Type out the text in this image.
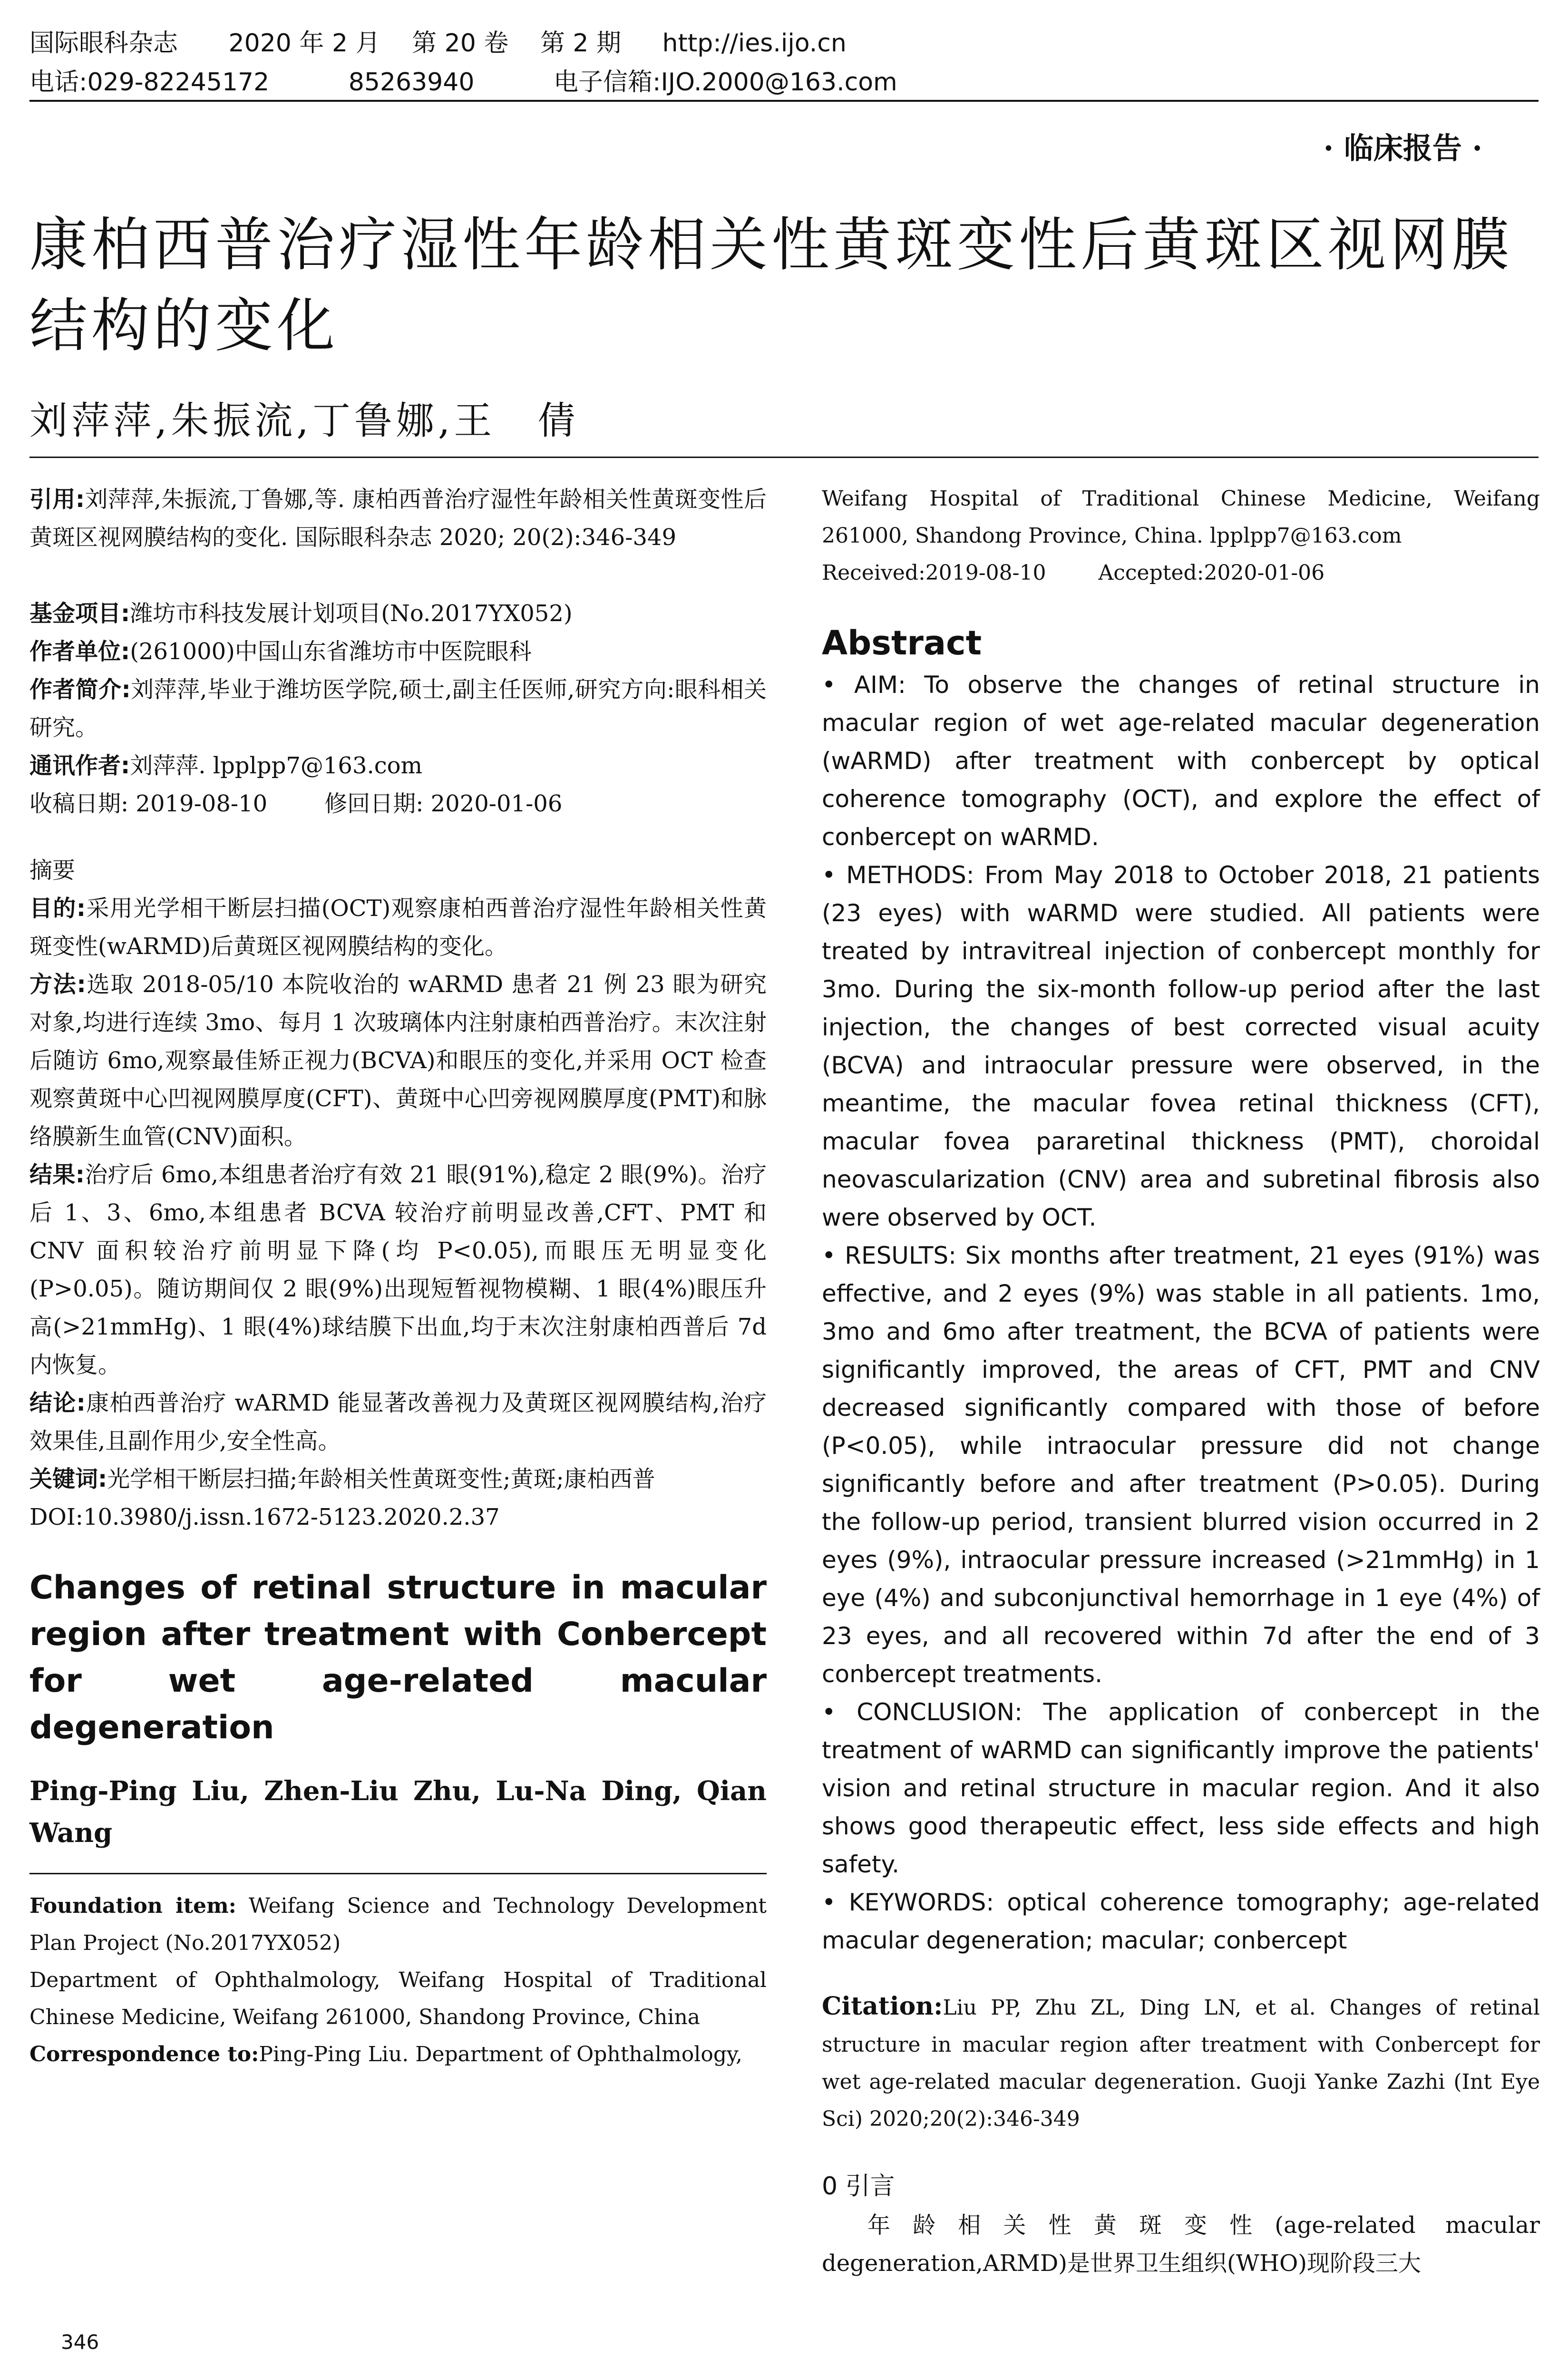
国际眼科杂志 2020 年 2 月 第 20 卷 第 2 期 http://ies.ijo.cn
电话:029-82245172	85263940	电子信箱:IJO.2000@163.com
· 临床报告 ·
康柏西普治疗湿性年龄相关性黄斑变性后黄斑区视网膜结构的变化
刘萍萍,朱振流,丁鲁娜,王　倩

引用:刘萍萍,朱振流,丁鲁娜,等. 康柏西普治疗湿性年龄相关性黄斑变性后黄斑区视网膜结构的变化. 国际眼科杂志 2020; 20(2):346-349

基金项目:潍坊市科技发展计划项目(No.2017YX052)

作者单位:(261000)中国山东省潍坊市中医院眼科

作者简介:刘萍萍,毕业于潍坊医学院,硕士,副主任医师,研究方向:眼科相关研究。

通讯作者:刘萍萍. lpplpp7@163.com

收稿日期: 2019-08-10	修回日期: 2020-01-06

摘要

目的:采用光学相干断层扫描(OCT)观察康柏西普治疗湿性年龄相关性黄斑变性(wARMD)后黄斑区视网膜结构的变化。

方法:选取 2018-05/10 本院收治的 wARMD 患者 21 例 23 眼为研究对象,均进行连续 3mo、每月 1 次玻璃体内注射康柏西普治疗。末次注射后随访 6mo,观察最佳矫正视力(BCVA)和眼压的变化,并采用 OCT 检查观察黄斑中心凹视网膜厚度(CFT)、黄斑中心凹旁视网膜厚度(PMT)和脉络膜新生血管(CNV)面积。

结果:治疗后 6mo,本组患者治疗有效 21 眼(91%),稳定 2 眼(9%)。治疗后 1、3、6mo,本组患者 BCVA 较治疗前明显改善,CFT、PMT 和 CNV 面积较治疗前明显下降(均 P<0.05),而眼压无明显变化(P>0.05)。随访期间仅 2 眼(9%)出现短暂视物模糊、1 眼(4%)眼压升高(>21mmHg)、1 眼(4%)球结膜下出血,均于末次注射康柏西普后 7d 内恢复。

结论:康柏西普治疗 wARMD 能显著改善视力及黄斑区视网膜结构,治疗效果佳,且副作用少,安全性高。

关键词:光学相干断层扫描;年龄相关性黄斑变性;黄斑;康柏西普

DOI:10.3980/j.issn.1672-5123.2020.2.37

Changes of retinal structure in macular region after treatment with Conbercept for wet age-related macular degeneration

Ping-Ping Liu, Zhen-Liu Zhu, Lu-Na Ding, Qian Wang

Foundation item: Weifang Science and Technology Development Plan Project (No.2017YX052)

Department of Ophthalmology, Weifang Hospital of Traditional Chinese Medicine, Weifang 261000, Shandong Province, China

Correspondence to:Ping-Ping Liu. Department of Ophthalmology,

Weifang Hospital of Traditional Chinese Medicine, Weifang 261000, Shandong Province, China. lpplpp7@163.com

Received:2019-08-10	Accepted:2020-01-06

Abstract

• AIM: To observe the changes of retinal structure in macular region of wet age-related macular degeneration (wARMD) after treatment with conbercept by optical coherence tomography (OCT), and explore the effect of conbercept on wARMD.

• METHODS: From May 2018 to October 2018, 21 patients (23 eyes) with wARMD were studied. All patients were treated by intravitreal injection of conbercept monthly for 3mo. During the six-month follow-up period after the last injection, the changes of best corrected visual acuity (BCVA) and intraocular pressure were observed, in the meantime, the macular fovea retinal thickness (CFT), macular fovea pararetinal thickness (PMT), choroidal neovascularization (CNV) area and subretinal fibrosis also were observed by OCT.

• RESULTS: Six months after treatment, 21 eyes (91%) was effective, and 2 eyes (9%) was stable in all patients. 1mo, 3mo and 6mo after treatment, the BCVA of patients were significantly improved, the areas of CFT, PMT and CNV decreased significantly compared with those of before (P<0.05), while intraocular pressure did not change significantly before and after treatment (P>0.05). During the follow-up period, transient blurred vision occurred in 2 eyes (9%), intraocular pressure increased (>21mmHg) in 1 eye (4%) and subconjunctival hemorrhage in 1 eye (4%) of 23 eyes, and all recovered within 7d after the end of 3 conbercept treatments.

• CONCLUSION: The application of conbercept in the treatment of wARMD can significantly improve the patients' vision and retinal structure in macular region. And it also shows good therapeutic effect, less side effects and high safety.

• KEYWORDS: optical coherence tomography; age-related macular degeneration; macular; conbercept

Citation:Liu PP, Zhu ZL, Ding LN, et al. Changes of retinal structure in macular region after treatment with Conbercept for wet age-related macular degeneration. Guoji Yanke Zazhi (Int Eye Sci) 2020;20(2):346-349

0 引言

年龄相关性黄斑变性(age-related macular degeneration,ARMD)是世界卫生组织(WHO)现阶段三大

346
